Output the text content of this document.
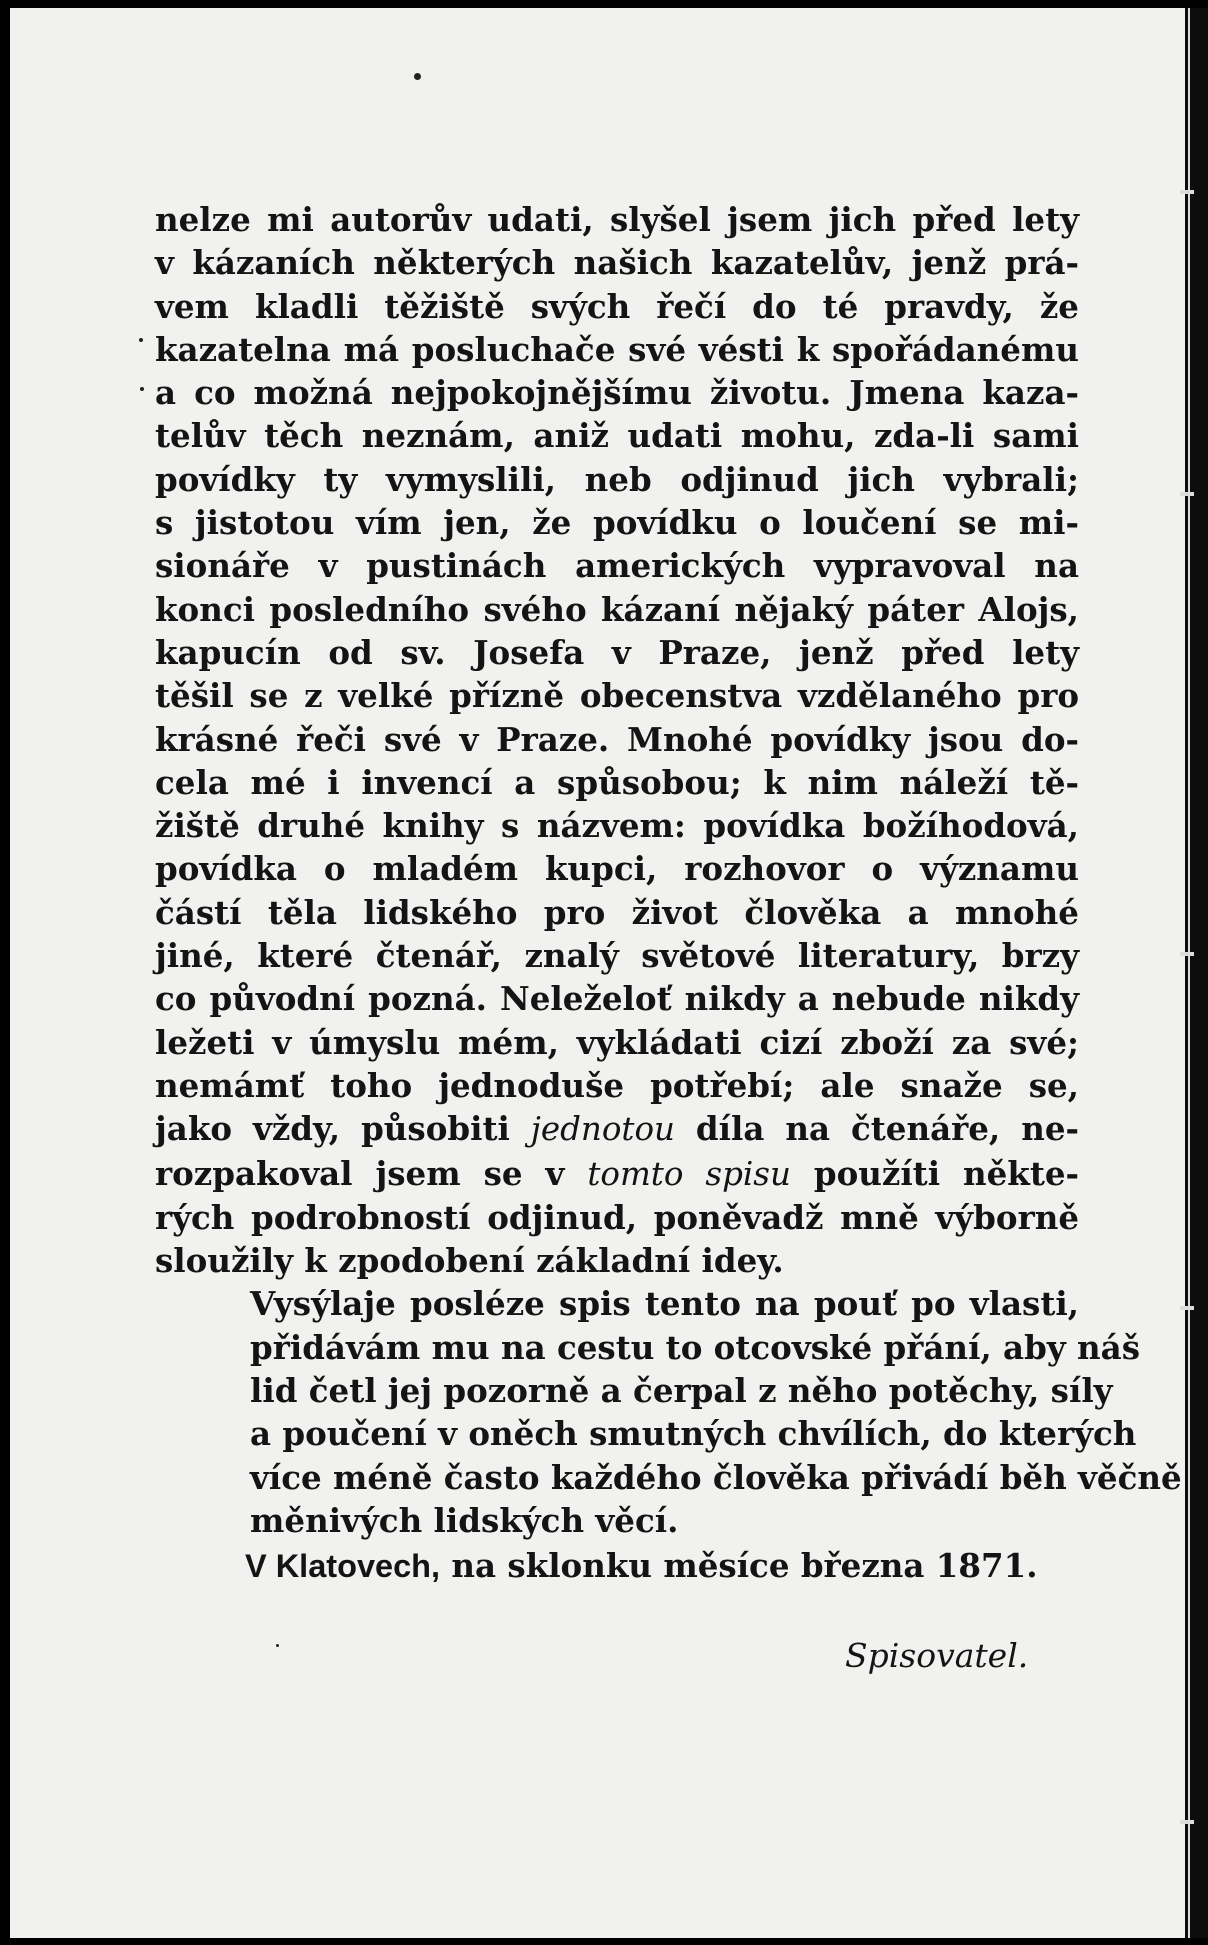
nelze mi autorův udati, slyšel jsem jich před lety
v kázaních některých našich kazatelův, jenž prá-
vem kladli těžiště svých řečí do té pravdy, že
kazatelna má posluchače své vésti k spořádanému
a co možná nejpokojnějšímu životu. Jmena kaza-
telův těch neznám, aniž udati mohu, zda-li sami
povídky ty vymyslili, neb odjinud jich vybrali;
s jistotou vím jen, že povídku o loučení se mi-
sionáře v pustinách amerických vypravoval na
konci posledního svého kázaní nějaký páter Alojs,
kapucín od sv. Josefa v Praze, jenž před lety
těšil se z velké přízně obecenstva vzdělaného pro
krásné řeči své v Praze. Mnohé povídky jsou do-
cela mé i invencí a spůsobou; k nim náleží tě-
žiště druhé knihy s názvem: povídka božíhodová,
povídka o mladém kupci, rozhovor o významu
částí těla lidského pro život člověka a mnohé
jiné, které čtenář, znalý světové literatury, brzy
co původní pozná. Neleželoť nikdy a nebude nikdy
ležeti v úmyslu mém, vykládati cizí zboží za své;
nemámť toho jednoduše potřebí; ale snaže se,
jako vždy, působiti jednotou díla na čtenáře, ne-
rozpakoval jsem se v tomto spisu použíti někte-
rých podrobností odjinud, poněvadž mně výborně
sloužily k zpodobení základní idey.

Vysýlaje posléze spis tento na pouť po vlasti,
přidávám mu na cestu to otcovské přání, aby náš
lid četl jej pozorně a čerpal z něho potěchy, síly
a poučení v oněch smutných chvílích, do kterých
více méně často každého člověka přivádí běh věčně
měnivých lidských věcí.

V Klatovech, na sklonku měsíce března 1871.
Spisovatel.
